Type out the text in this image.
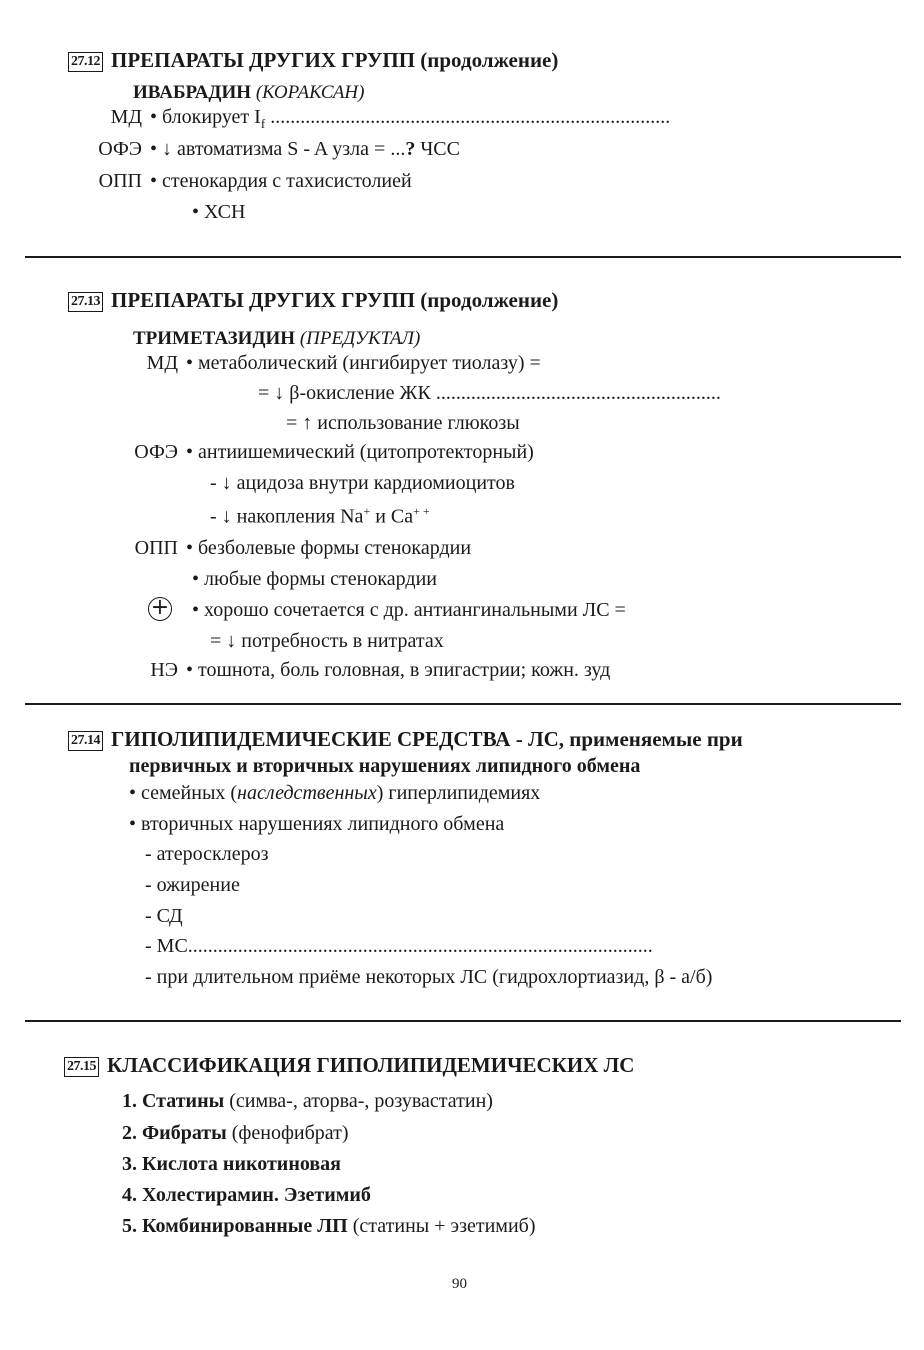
27.12 ПРЕПАРАТЫ ДРУГИХ ГРУПП (продолжение)
ИВАБРАДИН (КОРАКСАН)
МД • блокирует $I_f$ ................................................................................
ОФЭ • ↓ автоматизма S - A узла = ...? ЧСС
ОПП • стенокардия с тахисистолией
• ХСН
27.13 ПРЕПАРАТЫ ДРУГИХ ГРУПП (продолжение)
ТРИМЕТАЗИДИН (ПРЕДУКТАЛ)
МД • метаболический (ингибирует тиолазу) =
= ↓ β-окисление ЖК .........................................................
= ↑ использование глюкозы
ОФЭ • антиишемический (цитопротекторный)
- ↓ ацидоза внутри кардиомиоцитов
- ↓ накопления Na+ и Ca+ +
ОПП • безболевые формы стенокардии
• любые формы стенокардии
+ • хорошо сочетается с др. антиангинальными ЛС =
= ↓ потребность в нитратах
НЭ • тошнота, боль головная, в эпигастрии; кожн. зуд
27.14 ГИПОЛИПИДЕМИЧЕСКИЕ СРЕДСТВА - ЛС, применяемые при
первичных и вторичных нарушениях липидного обмена
• семейных (наследственных) гиперлипидемиях
• вторичных нарушениях липидного обмена
- атеросклероз
- ожирение
- СД
- МС.............................................................................................
- при длительном приёме некоторых ЛС (гидрохлортиазид, β - а/б)
27.15 КЛАССИФИКАЦИЯ ГИПОЛИПИДЕМИЧЕСКИХ ЛС
1. Статины (симва-, аторва-, розувастатин)
2. Фибраты (фенофибрат)
3. Кислота никотиновая
4. Холестирамин. Эзетимиб
5. Комбинированные ЛП (статины + эзетимиб)
90
